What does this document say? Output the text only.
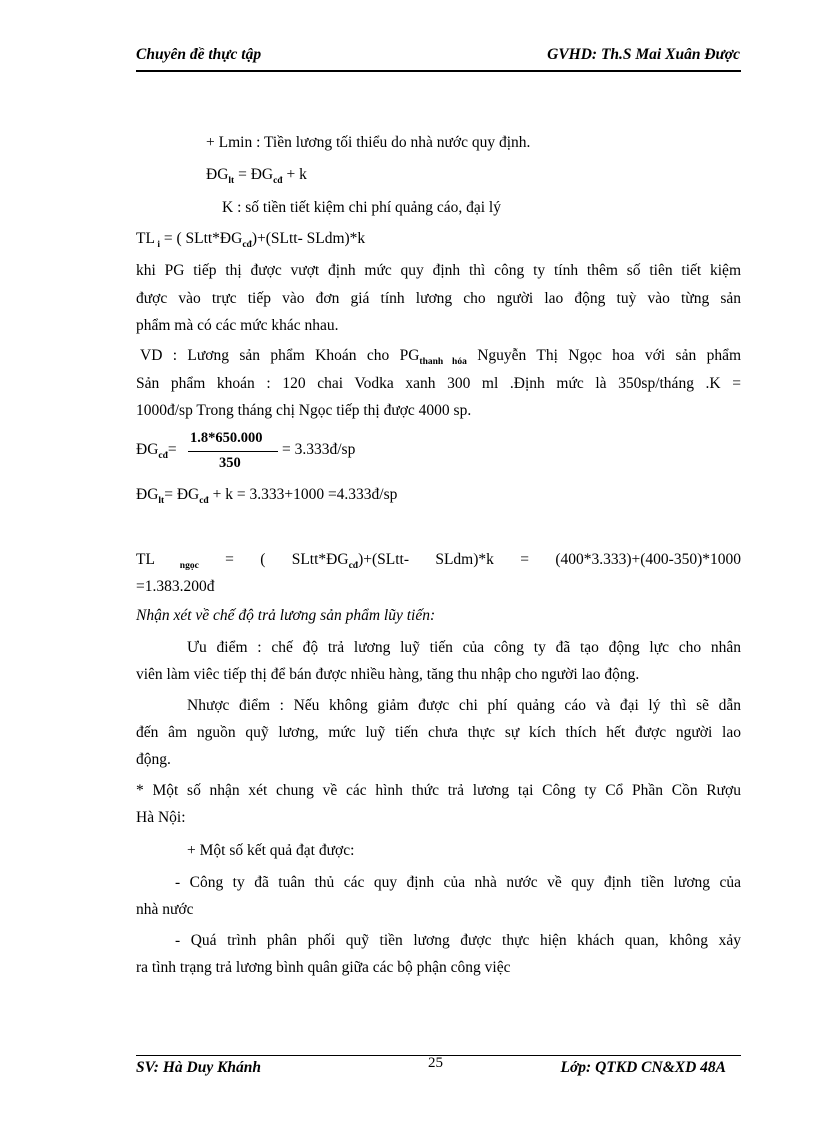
Chuyên đề thực tập	GVHD: Th.S Mai Xuân Được
+ Lmin : Tiền lương tối thiểu do nhà nước quy định.
$ĐG_{lt}$ = $ĐG_{cđ} + k$
K : số tiền tiết kiệm chi phí quảng cáo, đại lý
TL $_i$ = ( $SLtt*ĐG_{cđ})+(SLtt-$ SLdm)*k
khi PG tiếp thị được vượt định mức quy định thì công ty tính thêm số tiên tiết kiệm
được vào trực tiếp vào đơn giá tính lương cho người lao động tuỳ vào từng sản
phẩm mà có các mức khác nhau.
VD : Lương sản phẩm Khoán cho $PG_{thanh hóa}$ Nguyễn Thị Ngọc hoa với sản phẩm
Sản phẩm khoán : 120 chai Vodka xanh 300 ml .Định mức là 350sp/tháng .K =
1000đ/sp Trong tháng chị Ngọc tiếp thị được 4000 sp.
$ĐG_{cđ}=$
1.8*650.000
350
= 3.333đ/sp
$ĐG_{lt}=$ $ĐG_{cđ} + k = 3.333+1000$ =4.333đ/sp
TL $_{ngọc}$ = ( $SLtt*ĐG_{cđ})+(SLtt-$ SLdm)*k = (400*3.333)+(400-350)*1000
=1.383.200đ
Nhận xét về chế độ trả lương sản phẩm lũy tiến:
Ưu điểm : chế độ trả lương luỹ tiến của công ty đã tạo động lực cho nhân
viên làm viêc tiếp thị để bán được nhiều hàng, tăng thu nhập cho người lao động.
Nhược điểm : Nếu không giảm được chi phí quảng cáo và đại lý thì sẽ dẫn
đến âm nguồn quỹ lương, mức luỹ tiến chưa thực sự kích thích hết được người lao
động.
* Một số nhận xét chung về các hình thức trả lương tại Công ty Cổ Phần Cồn Rượu
Hà Nội:
+ Một số kết quả đạt được:
- Công ty đã tuân thủ các quy định của nhà nước về quy định tiền lương của
nhà nước
- Quá trình phân phối quỹ tiền lương được thực hiện khách quan, không xảy
ra tình trạng trả lương bình quân giữa các bộ phận công việc
SV: Hà Duy Khánh	25	Lớp: QTKD CN&XD 48A
